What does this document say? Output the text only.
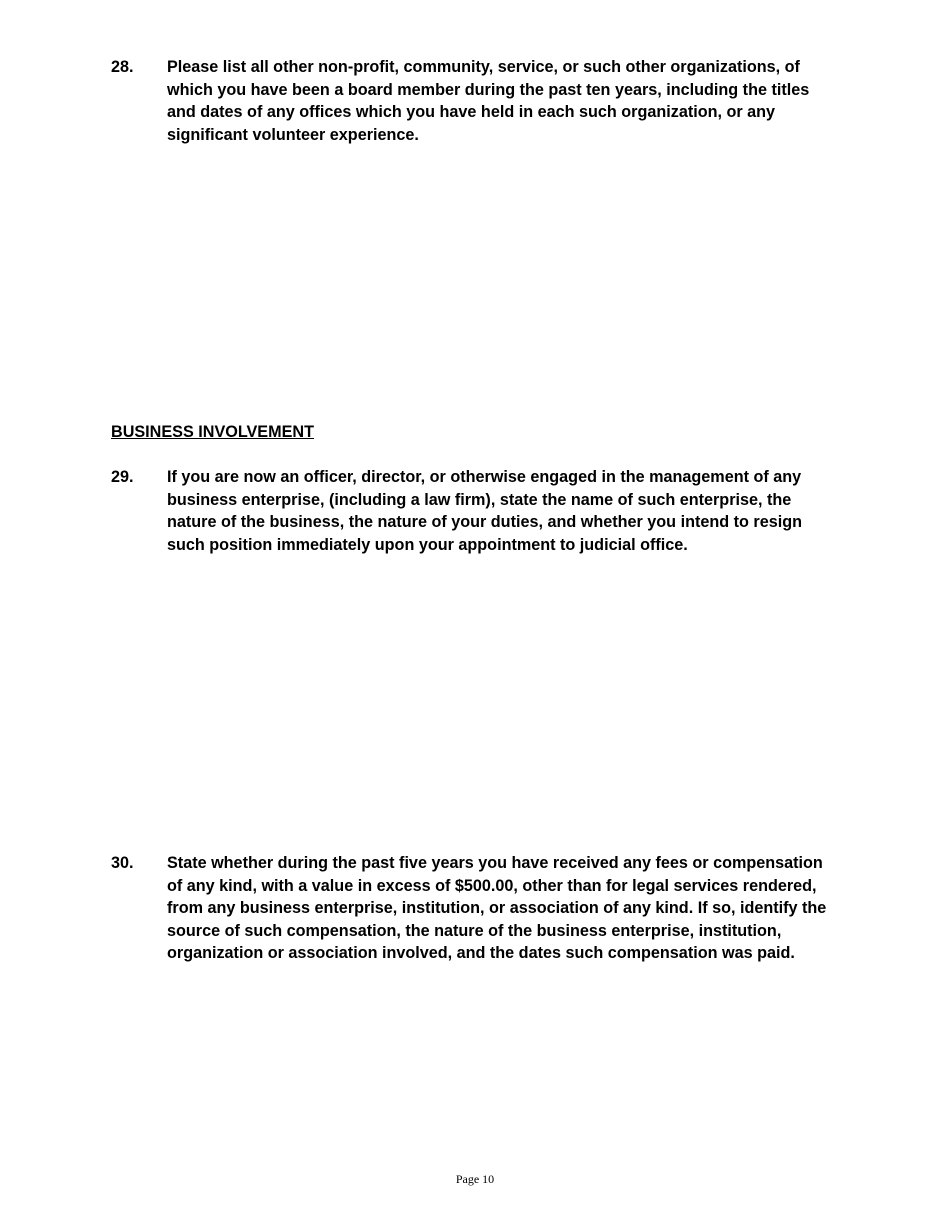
28.	Please list all other non-profit, community, service, or such other organizations, of which you have been a board member during the past ten years, including the titles and dates of any offices which you have held in each such organization, or any significant volunteer experience.
BUSINESS INVOLVEMENT
29.	If you are now an officer, director, or otherwise engaged in the management of any business enterprise, (including a law firm), state the name of such enterprise, the nature of the business, the nature of your duties, and whether you intend to resign such position immediately upon your appointment to judicial office.
30.	State whether during the past five years you have received any fees or compensation of any kind, with a value in excess of $500.00, other than for legal services rendered, from any business enterprise, institution, or association of any kind. If so, identify the source of such compensation, the nature of the business enterprise, institution, organization or association involved, and the dates such compensation was paid.
Page 10
